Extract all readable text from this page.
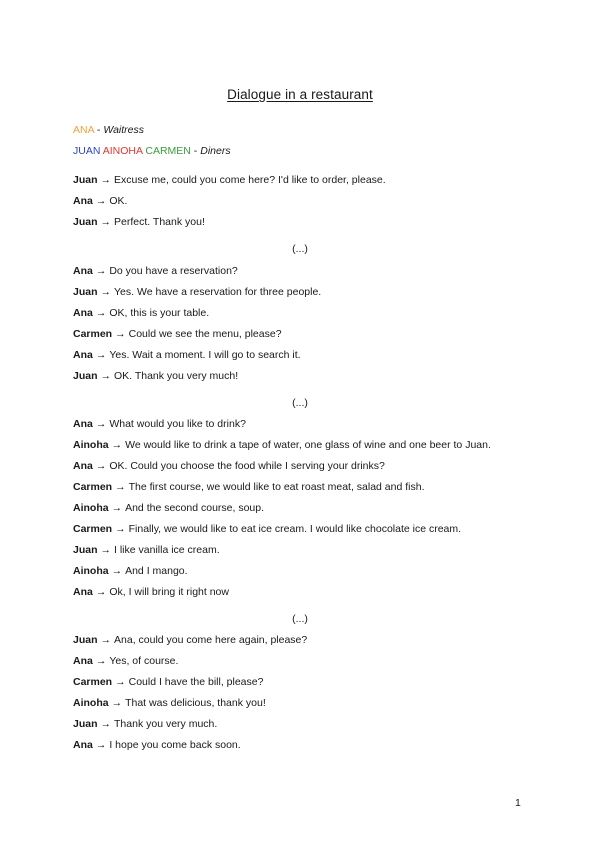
Dialogue in a restaurant
ANA - Waitress
JUAN AINOHA CARMEN - Diners
Juan → Excuse me, could you come here? I'd like to order, please.
Ana → OK.
Juan → Perfect. Thank you!
(...)
Ana → Do you have a reservation?
Juan → Yes. We have a reservation for three people.
Ana → OK, this is your table.
Carmen → Could we see the menu, please?
Ana → Yes. Wait a moment. I will go to search it.
Juan → OK. Thank you very much!
(...)
Ana → What would you like to drink?
Ainoha → We would like to drink a tape of water, one glass of wine and one beer to Juan.
Ana → OK. Could you choose the food while I serving your drinks?
Carmen → The first course, we would like to eat roast meat, salad and fish.
Ainoha → And the second course, soup.
Carmen → Finally, we would like to eat ice cream. I would like chocolate ice cream.
Juan → I like vanilla ice cream.
Ainoha → And I mango.
Ana → Ok, I will bring it right now
(...)
Juan → Ana, could you come here again, please?
Ana → Yes, of course.
Carmen → Could I have the bill, please?
Ainoha → That was delicious, thank you!
Juan → Thank you very much.
Ana → I hope you come back soon.
1
